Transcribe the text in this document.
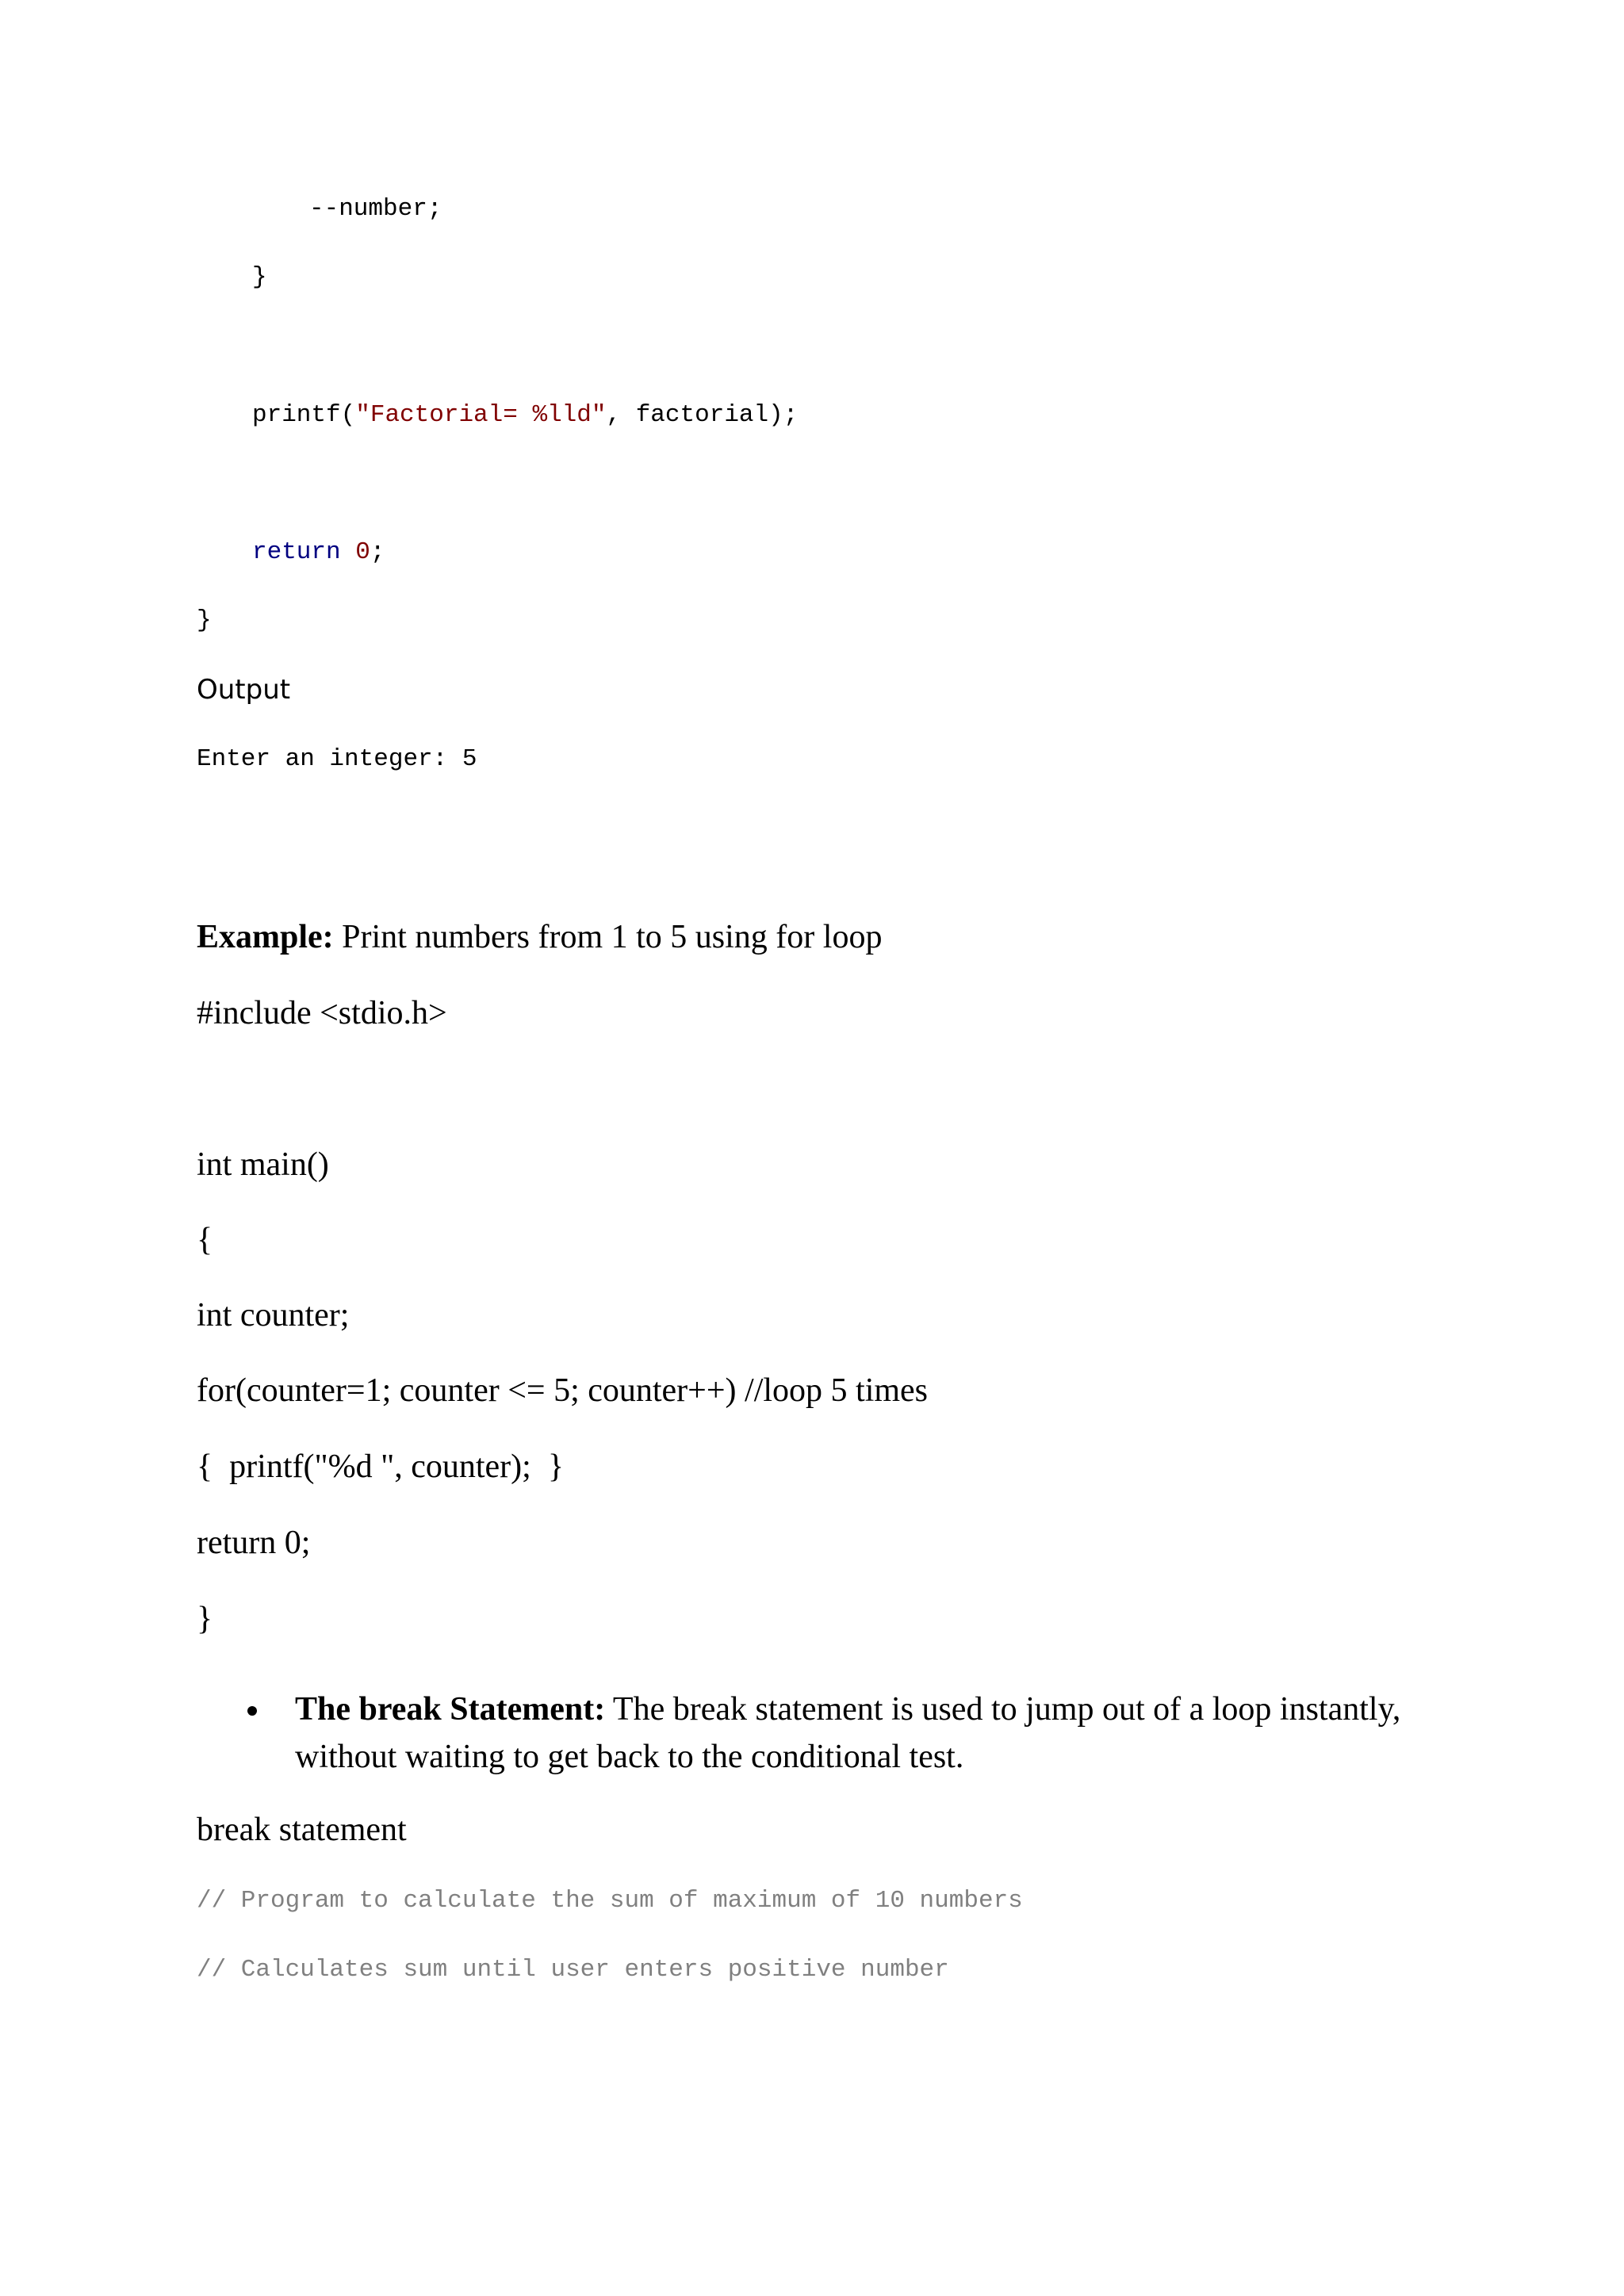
--number;
}
printf("Factorial= %lld", factorial);
return 0;
}
Output
Enter an integer: 5
Example: Print numbers from 1 to 5 using for loop
#include <stdio.h>
int main()
{
int counter;
for(counter=1; counter <= 5; counter++) //loop 5 times
{  printf("%d ", counter);  }
return 0;
}
The break Statement: The break statement is used to jump out of a loop instantly, without waiting to get back to the conditional test.
break statement
// Program to calculate the sum of maximum of 10 numbers
// Calculates sum until user enters positive number
